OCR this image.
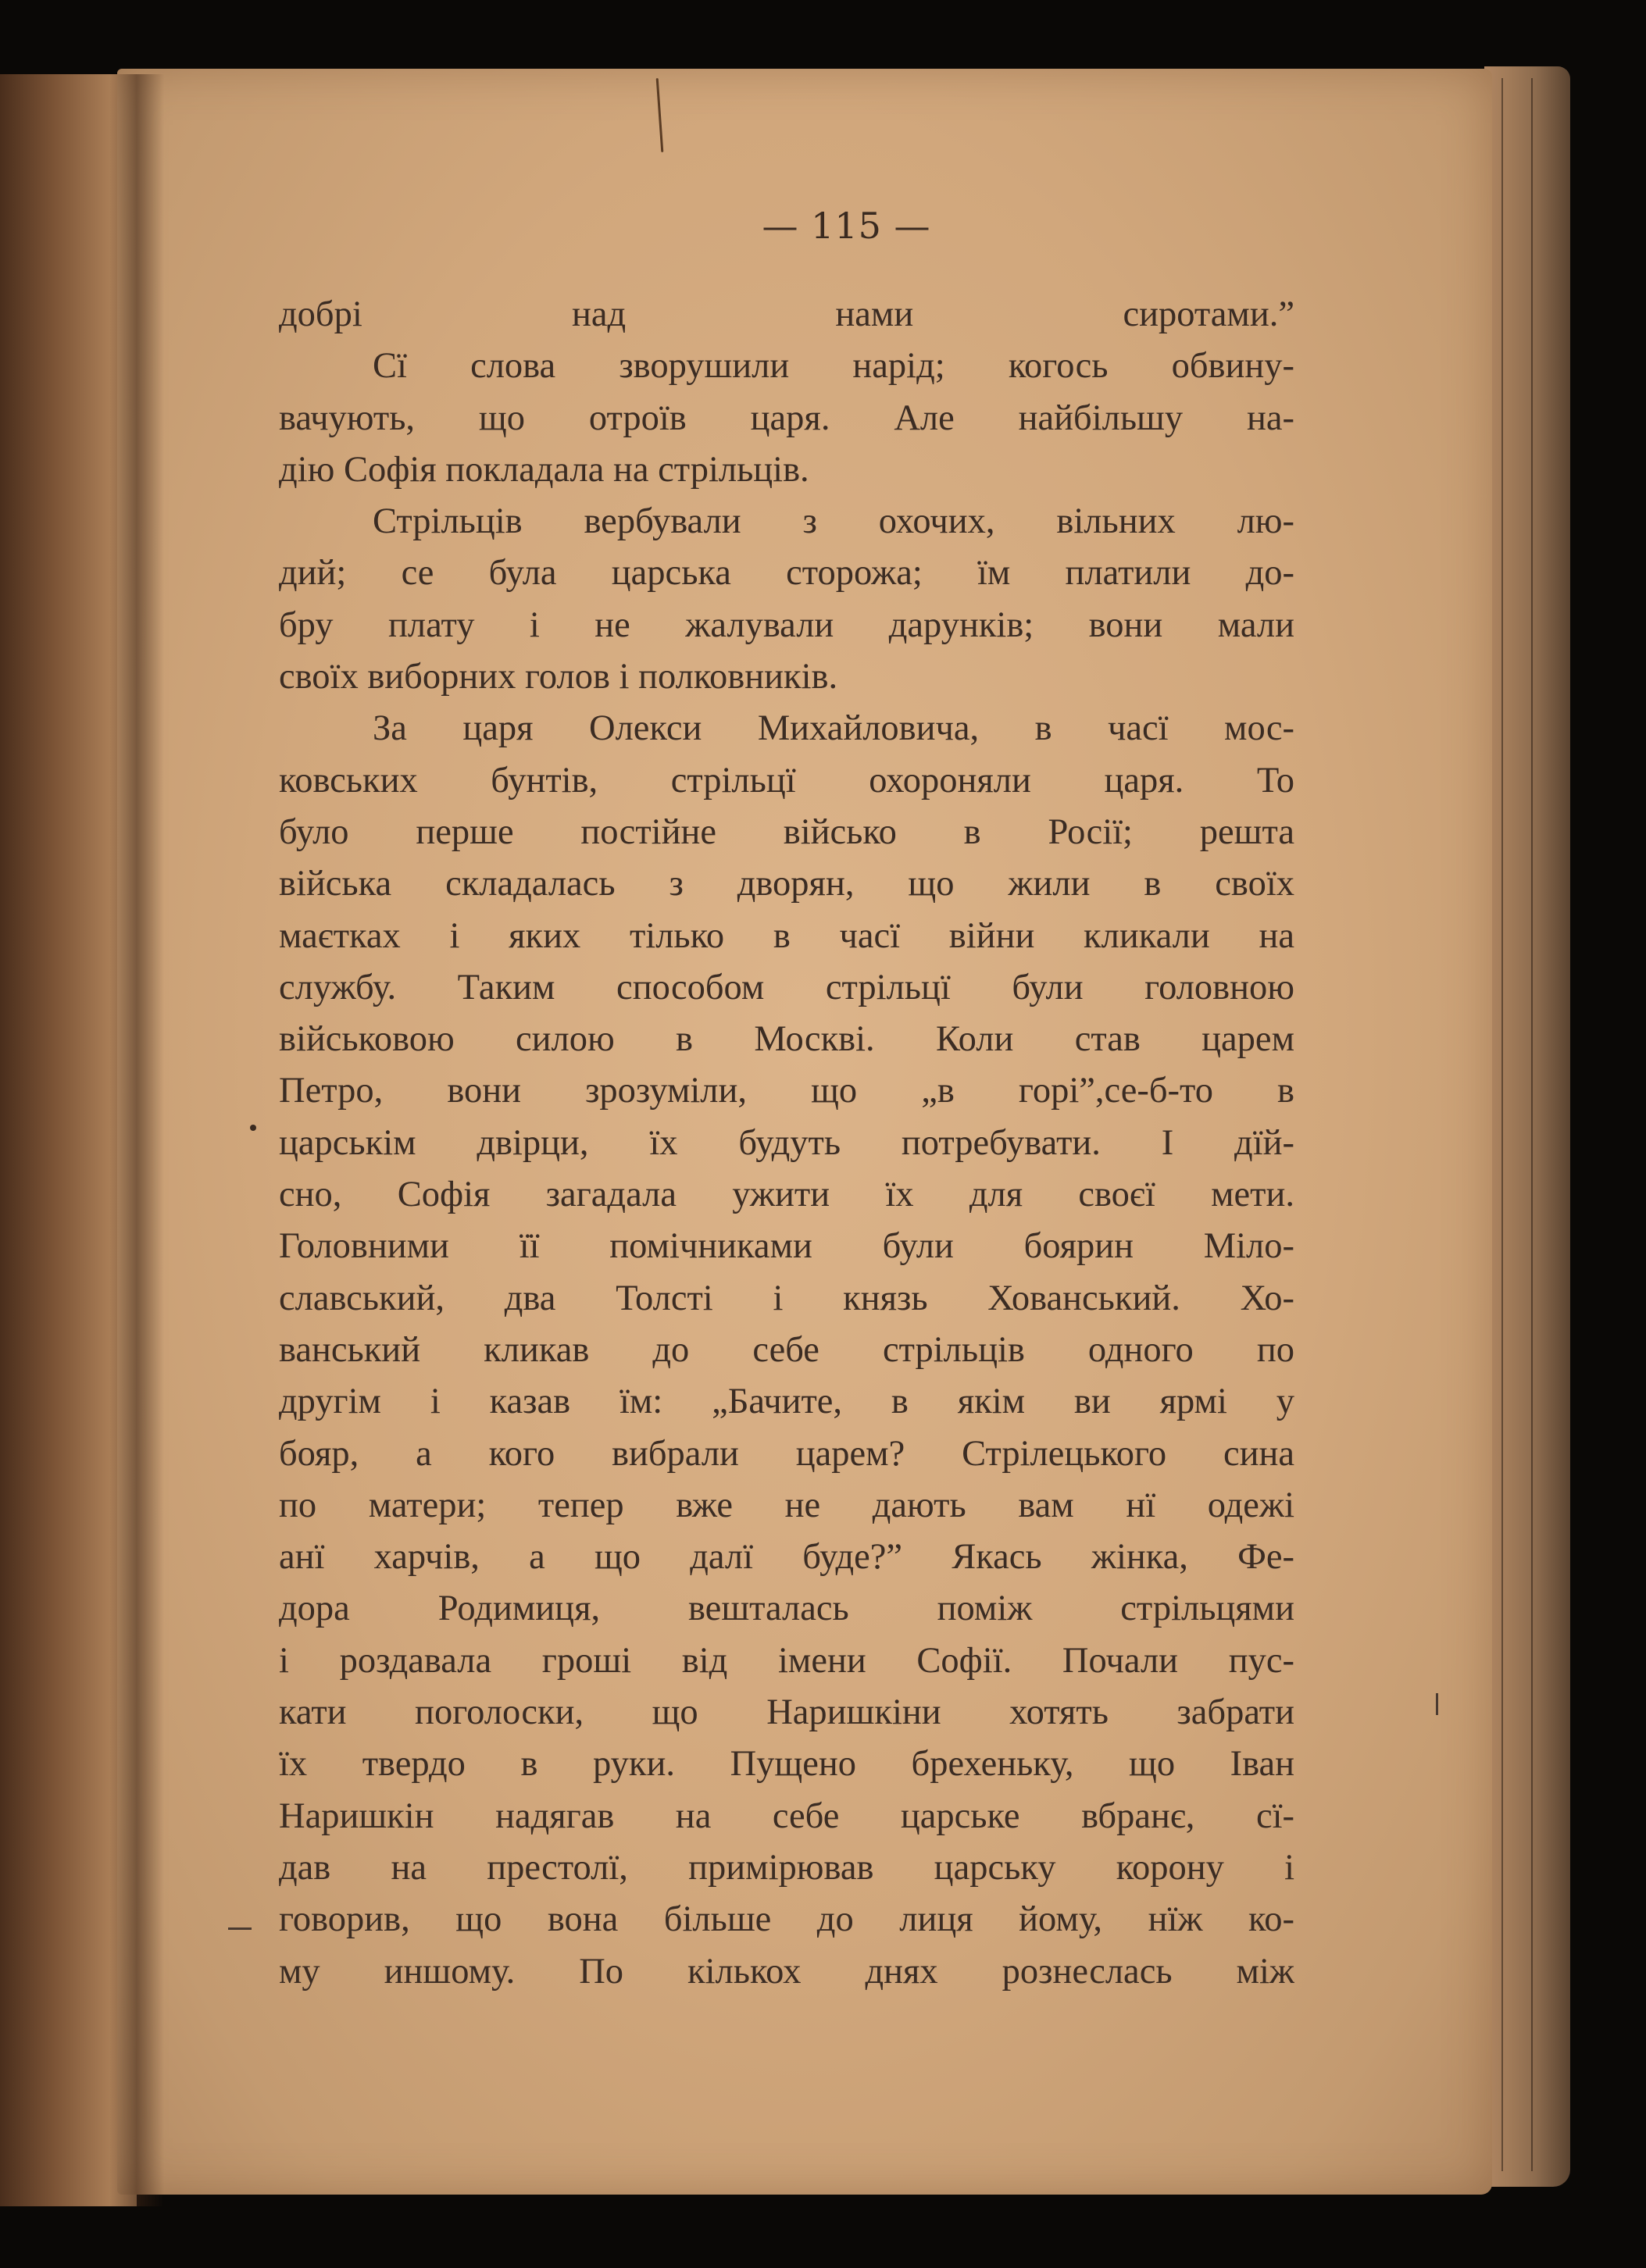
— 115 —
добрі над нами сиротами.”
Сї слова зворушили нарід; когось обвину-
вачують, що отроїв царя. Але найбільшу на-
дію Софія покладала на стрільців.
Стрільців вербували з охочих, вільних лю-
дий; се була царська сторожа; їм платили до-
бру плату і не жалували дарунків; вони мали
своїх виборних голов і полковників.
За царя Олекси Михайловича, в часї мос-
ковських бунтів, стрільцї охороняли царя. То
було перше постійне військо в Росії; решта
війська складалась з дворян, що жили в своїх
маєтках і яких тілько в часї війни кликали на
службу. Таким способом стрільцї були головною
військовою силою в Москві. Коли став царем
Петро, вони зрозуміли, що „в горі”,се-б-то в
царськім двірци, їх будуть потребувати. І дїй-
сно, Софія загадала ужити їх для своєї мети.
Головними її помічниками були боярин Міло-
славський, два Толсті і князь Хованський. Хо-
ванський кликав до себе стрільців одного по
другім і казав їм: „Бачите, в якім ви ярмі у
бояр, а кого вибрали царем? Стрілецького сина
по матери; тепер вже не дають вам нї одежі
анї харчів, а що далї буде?” Якась жінка, Фе-
дора Родимиця, вешталась поміж стрільцями
і роздавала гроші від імени Софії. Почали пус-
кати поголоски, що Наришкіни хотять забрати
їх твердо в руки. Пущено брехеньку, що Іван
Наришкін надягав на себе царське вбранє, сї-
дав на престолї, примірював царську корону і
говорив, що вона більше до лиця йому, нїж ко-
му иншому. По кількох днях рознеслась між
